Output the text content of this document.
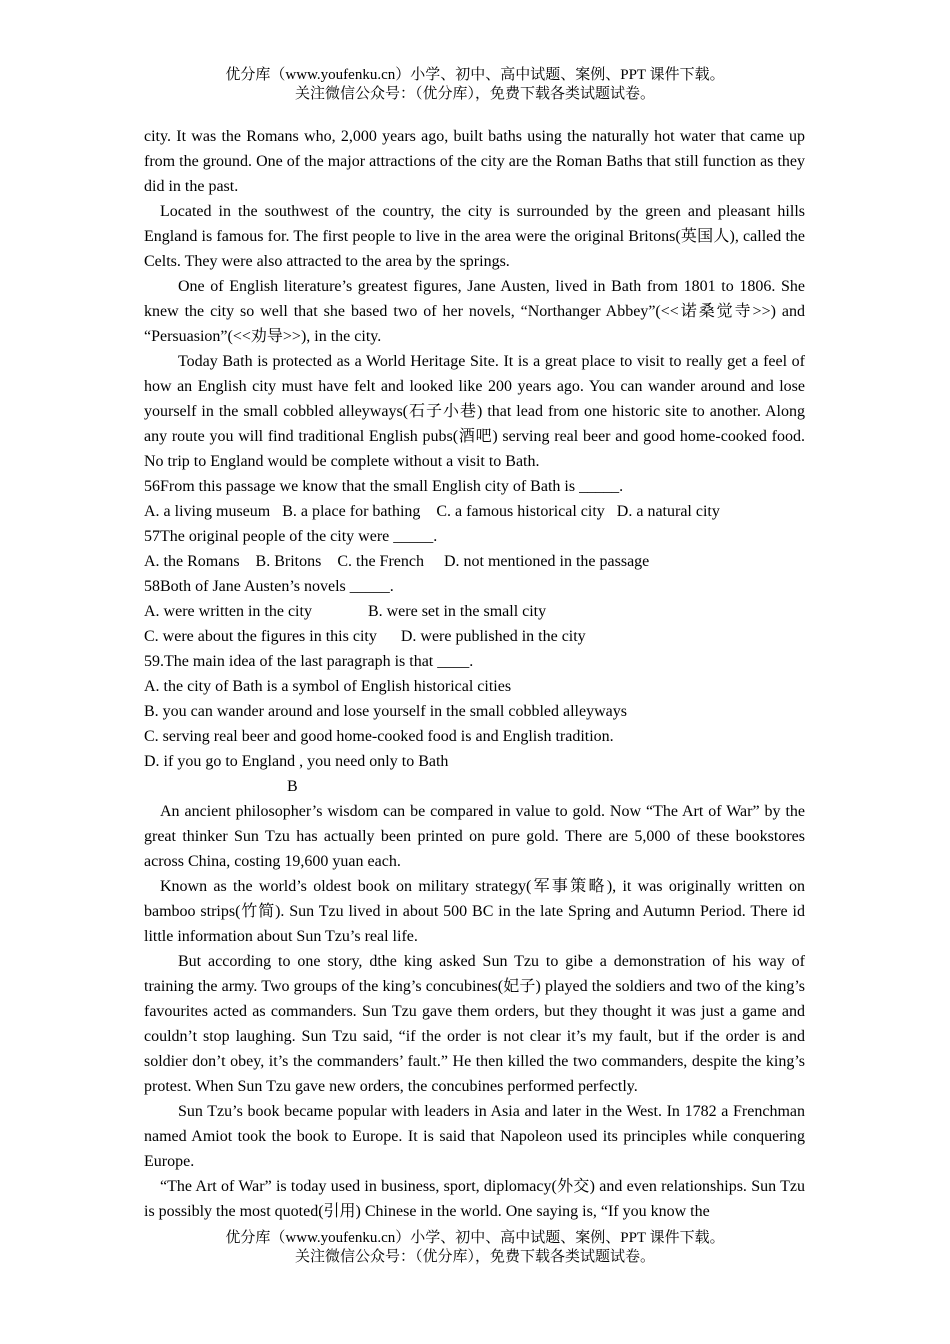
优分库（www.youfenku.cn）小学、初中、高中试题、案例、PPT 课件下载。
关注微信公众号：（优分库），免费下载各类试题试卷。

city. It was the Romans who, 2,000 years ago, built baths using the naturally hot water that came up from the ground. One of the major attractions of the city are the Roman Baths that still function as they did in the past.

Located in the southwest of the country, the city is surrounded by the green and pleasant hills England is famous for. The first people to live in the area were the original Britons(英国人), called the Celts. They were also attracted to the area by the springs.

One of English literature’s greatest figures, Jane Austen, lived in Bath from 1801 to 1806. She knew the city so well that she based two of her novels, “Northanger Abbey”(<<诺桑觉寺>>) and “Persuasion”(<<劝导>>), in the city.

Today Bath is protected as a World Heritage Site. It is a great place to visit to really get a feel of how an English city must have felt and looked like 200 years ago. You can wander around and lose yourself in the small cobbled alleyways(石子小巷) that lead from one historic site to another. Along any route you will find traditional English pubs(酒吧) serving real beer and good home-cooked food. No trip to England would be complete without a visit to Bath.

56From this passage we know that the small English city of Bath is _____.

A. a living museum   B. a place for bathing    C. a famous historical city   D. a natural city

57The original people of the city were _____.

A. the Romans    B. Britons    C. the French     D. not mentioned in the passage

58Both of Jane Austen’s novels _____.

A. were written in the city              B. were set in the small city

C. were about the figures in this city      D. were published in the city

59.The main idea of the last paragraph is that ____.

A. the city of Bath is a symbol of English historical cities

B. you can wander around and lose yourself in the small cobbled alleyways

C. serving real beer and good home-cooked food is and English tradition.

D. if you go to England , you need only to Bath

B

An ancient philosopher’s wisdom can be compared in value to gold. Now “The Art of War” by the great thinker Sun Tzu has actually been printed on pure gold. There are 5,000 of these bookstores across China, costing 19,600 yuan each.

Known as the world’s oldest book on military strategy(军事策略), it was originally written on bamboo strips(竹简). Sun Tzu lived in about 500 BC in the late Spring and Autumn Period. There id little information about Sun Tzu’s real life.

But according to one story, dthe king asked Sun Tzu to gibe a demonstration of his way of training the army. Two groups of the king’s concubines(妃子) played the soldiers and two of the king’s favourites acted as commanders. Sun Tzu gave them orders, but they thought it was just a game and couldn’t stop laughing. Sun Tzu said, “if the order is not clear it’s my fault, but if the order is and soldier don’t obey, it’s the commanders’ fault.” He then killed the two commanders, despite the king’s protest. When Sun Tzu gave new orders, the concubines performed perfectly.

Sun Tzu’s book became popular with leaders in Asia and later in the West. In 1782 a Frenchman named Amiot took the book to Europe. It is said that Napoleon used its principles while conquering Europe.

“The Art of War” is today used in business, sport, diplomacy(外交) and even relationships. Sun Tzu is possibly the most quoted(引用) Chinese in the world. One saying is, “If you know the

优分库（www.youfenku.cn）小学、初中、高中试题、案例、PPT 课件下载。
关注微信公众号：（优分库），免费下载各类试题试卷。
